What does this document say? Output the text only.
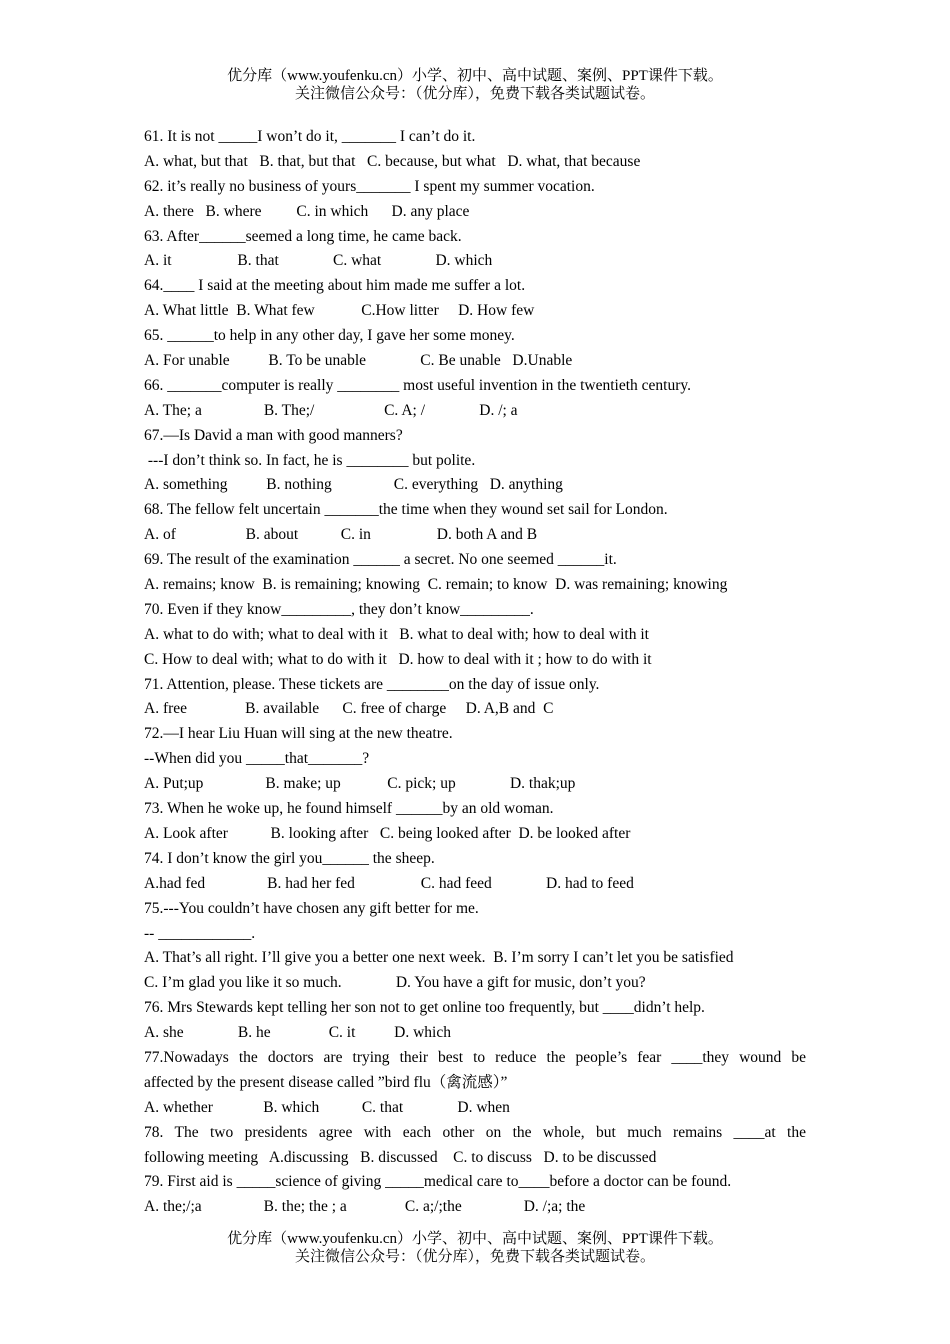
优分库（www.youfenku.cn）小学、初中、高中试题、案例、PPT课件下载。
关注微信公众号：（优分库），免费下载各类试题试卷。
61. It is not _____I won’t do it, _______ I can’t do it.
A. what, but that   B. that, but that   C. because, but what   D. what, that because
62. it’s really no business of yours_______ I spent my summer vocation.
A. there   B. where         C. in which      D. any place
63. After______seemed a long time, he came back.
A. it                 B. that              C. what              D. which
64.____ I said at the meeting about him made me suffer a lot.
A. What little  B. What few            C.How litter     D. How few
65. ______to help in any other day, I gave her some money.
A. For unable          B. To be unable              C. Be unable   D.Unable
66. _______computer is really ________ most useful invention in the twentieth century.
A. The; a                B. The;/                  C. A; /              D. /; a
67.—Is David a man with good manners?
---I don’t think so. In fact, he is ________ but polite.
A. something          B. nothing                C. everything   D. anything
68. The fellow felt uncertain _______the time when they wound set sail for London.
A. of                  B. about           C. in                 D. both A and B
69. The result of the examination ______ a secret. No one seemed ______it.
A. remains; know  B. is remaining; knowing  C. remain; to know  D. was remaining; knowing
70. Even if they know_________, they don’t know_________.
A. what to do with; what to deal with it   B. what to deal with; how to deal with it
C. How to deal with; what to do with it   D. how to deal with it ; how to do with it
71. Attention, please. These tickets are ________on the day of issue only.
A. free               B. available      C. free of charge     D. A,B and  C
72.—I hear Liu Huan will sing at the new theatre.
--When did you _____that_______?
A. Put;up                B. make; up            C. pick; up              D. thak;up
73. When he woke up, he found himself ______by an old woman.
A. Look after           B. looking after   C. being looked after  D. be looked after
74. I don’t know the girl you______ the sheep.
A.had fed                B. had her fed                 C. had feed              D. had to feed
75.---You couldn’t have chosen any gift better for me.
-- ____________.
A. That’s all right. I’ll give you a better one next week.  B. I’m sorry I can’t let you be satisfied
C. I’m glad you like it so much.              D. You have a gift for music, don’t you?
76. Mrs Stewards kept telling her son not to get online too frequently, but ____didn’t help.
A. she              B. he               C. it          D. which
77.Nowadays the doctors are trying their best to reduce the people’s fear ____they wound be
affected by the present disease called ”bird flu（禽流感）”
A. whether             B. which           C. that              D. when
78. The two presidents agree with each other on the whole, but much remains ____at the
following meeting   A.discussing   B. discussed    C. to discuss   D. to be discussed
79. First aid is _____science of giving _____medical care to____before a doctor can be found.
A. the;/;a                B. the; the ; a               C. a;/;the                D. /;a; the
优分库（www.youfenku.cn）小学、初中、高中试题、案例、PPT课件下载。
关注微信公众号：（优分库），免费下载各类试题试卷。
